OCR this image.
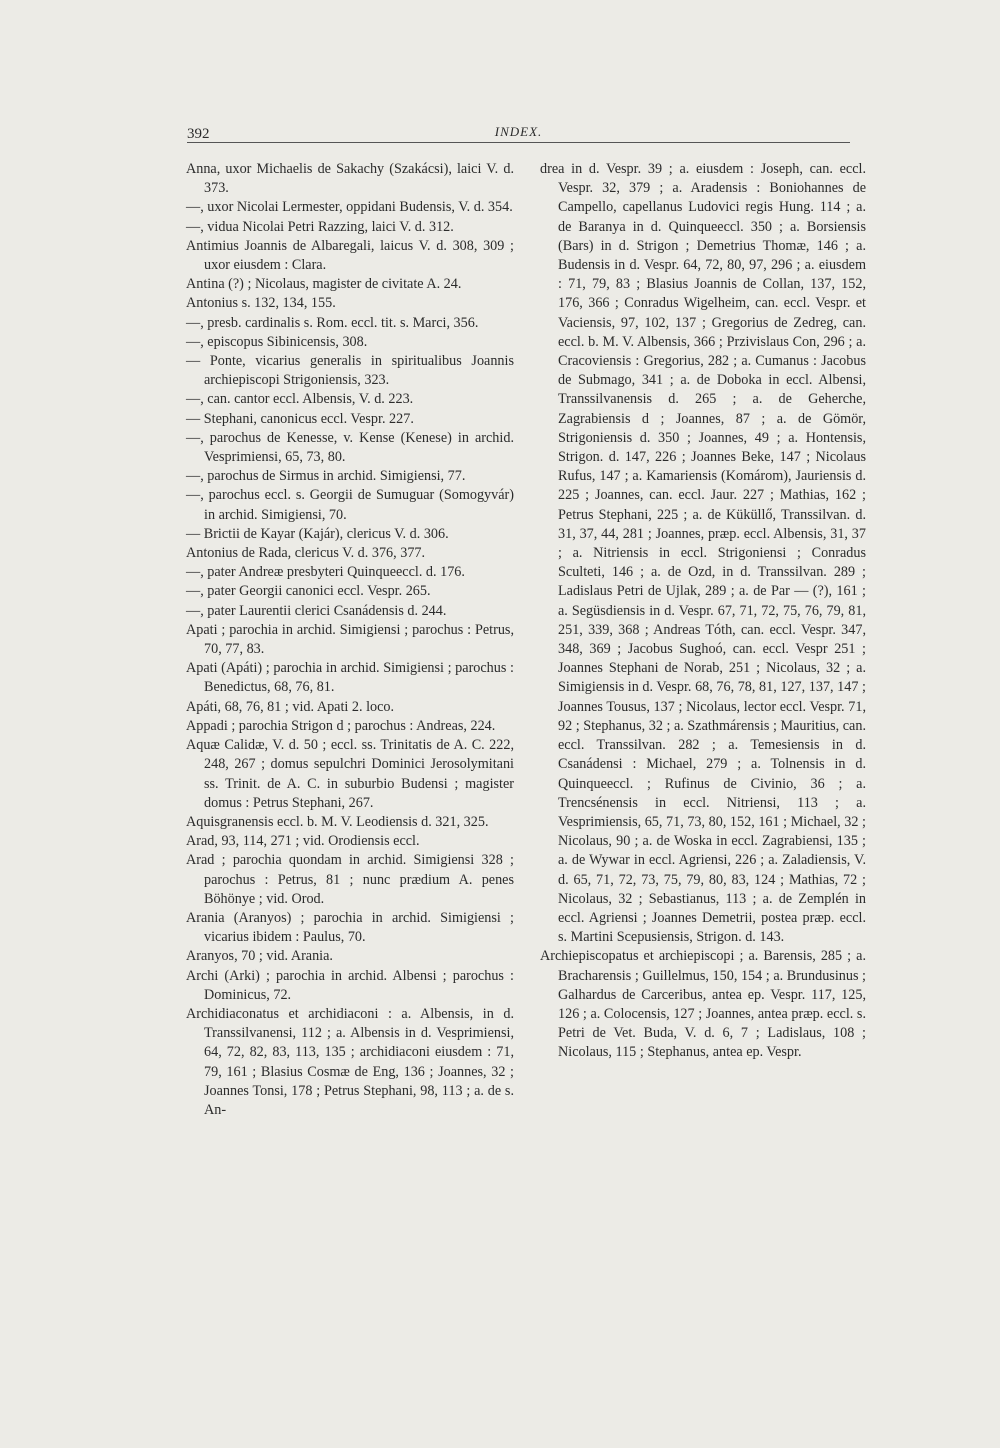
392	INDEX.

Anna, uxor Michaelis de Sakachy (Szakácsi), laici V. d. 373.

—, uxor Nicolai Lermester, oppidani Budensis, V. d. 354.

—, vidua Nicolai Petri Razzing, laici V. d. 312.

Antimius Joannis de Albaregali, laicus V. d. 308, 309 ; uxor eiusdem : Clara.

Antina (?) ; Nicolaus, magister de civitate A. 24.

Antonius s. 132, 134, 155.

—, presb. cardinalis s. Rom. eccl. tit. s. Marci, 356.

—, episcopus Sibinicensis, 308.

— Ponte, vicarius generalis in spiritualibus Joannis archiepiscopi Strigoniensis, 323.

—, can. cantor eccl. Albensis, V. d. 223.

— Stephani, canonicus eccl. Vespr. 227.

—, parochus de Kenesse, v. Kense (Kenese) in archid. Vesprimiensi, 65, 73, 80.

—, parochus de Sirmus in archid. Simigiensi, 77.

—, parochus eccl. s. Georgii de Sumuguar (Somogyvár) in archid. Simigiensi, 70.

— Brictii de Kayar (Kajár), clericus V. d. 306.

Antonius de Rada, clericus V. d. 376, 377.

—, pater Andreæ presbyteri Quinqueeccl. d. 176.

—, pater Georgii canonici eccl. Vespr. 265.

—, pater Laurentii clerici Csanádensis d. 244.

Apati ; parochia in archid. Simigiensi ; parochus : Petrus, 70, 77, 83.

Apati (Apáti) ; parochia in archid. Simigiensi ; parochus : Benedictus, 68, 76, 81.

Apáti, 68, 76, 81 ; vid. Apati 2. loco.

Appadi ; parochia Strigon d ; parochus : Andreas, 224.

Aquæ Calidæ, V. d. 50 ; eccl. ss. Trinitatis de A. C. 222, 248, 267 ; domus sepulchri Dominici Jerosolymitani ss. Trinit. de A. C. in suburbio Budensi ; magister domus : Petrus Stephani, 267.

Aquisgranensis eccl. b. M. V. Leodiensis d. 321, 325.

Arad, 93, 114, 271 ; vid. Orodiensis eccl.

Arad ; parochia quondam in archid. Simigiensi 328 ; parochus : Petrus, 81 ; nunc prædium A. penes Böhönye ; vid. Orod.

Arania (Aranyos) ; parochia in archid. Simigiensi ; vicarius ibidem : Paulus, 70.

Aranyos, 70 ; vid. Arania.

Archi (Arki) ; parochia in archid. Albensi ; parochus : Dominicus, 72.

Archidiaconatus et archidiaconi : a. Albensis, in d. Transsilvanensi, 112 ; a. Albensis in d. Vesprimiensi, 64, 72, 82, 83, 113, 135 ; archidiaconi eiusdem : 71, 79, 161 ; Blasius Cosmæ de Eng, 136 ; Joannes, 32 ; Joannes Tonsi, 178 ; Petrus Stephani, 98, 113 ; a. de s. An-

drea in d. Vespr. 39 ; a. eiusdem : Joseph, can. eccl. Vespr. 32, 379 ; a. Aradensis : Boniohannes de Campello, capellanus Ludovici regis Hung. 114 ; a. de Baranya in d. Quinqueeccl. 350 ; a. Borsiensis (Bars) in d. Strigon ; Demetrius Thomæ, 146 ; a. Budensis in d. Vespr. 64, 72, 80, 97, 296 ; a. eiusdem : 71, 79, 83 ; Blasius Joannis de Collan, 137, 152, 176, 366 ; Conradus Wigelheim, can. eccl. Vespr. et Vaciensis, 97, 102, 137 ; Gregorius de Zedreg, can. eccl. b. M. V. Albensis, 366 ; Przivislaus Con, 296 ; a. Cracoviensis : Gregorius, 282 ; a. Cumanus : Jacobus de Submago, 341 ; a. de Doboka in eccl. Albensi, Transsilvanensis d. 265 ; a. de Geherche, Zagrabiensis d ; Joannes, 87 ; a. de Gömör, Strigoniensis d. 350 ; Joannes, 49 ; a. Hontensis, Strigon. d. 147, 226 ; Joannes Beke, 147 ; Nicolaus Rufus, 147 ; a. Kamariensis (Komárom), Jauriensis d. 225 ; Joannes, can. eccl. Jaur. 227 ; Mathias, 162 ; Petrus Stephani, 225 ; a. de Küküllő, Transsilvan. d. 31, 37, 44, 281 ; Joannes, præp. eccl. Albensis, 31, 37 ; a. Nitriensis in eccl. Strigoniensi ; Conradus Sculteti, 146 ; a. de Ozd, in d. Transsilvan. 289 ; Ladislaus Petri de Ujlak, 289 ; a. de Par — (?), 161 ; a. Següsdiensis in d. Vespr. 67, 71, 72, 75, 76, 79, 81, 251, 339, 368 ; Andreas Tóth, can. eccl. Vespr. 347, 348, 369 ; Jacobus Sughoó, can. eccl. Vespr 251 ; Joannes Stephani de Norab, 251 ; Nicolaus, 32 ; a. Simigiensis in d. Vespr. 68, 76, 78, 81, 127, 137, 147 ; Joannes Tousus, 137 ; Nicolaus, lector eccl. Vespr. 71, 92 ; Stephanus, 32 ; a. Szathmárensis ; Mauritius, can. eccl. Transsilvan. 282 ; a. Temesiensis in d. Csanádensi : Michael, 279 ; a. Tolnensis in d. Quinqueeccl. ; Rufinus de Civinio, 36 ; a. Trencsénensis in eccl. Nitriensi, 113 ; a. Vesprimiensis, 65, 71, 73, 80, 152, 161 ; Michael, 32 ; Nicolaus, 90 ; a. de Woska in eccl. Zagrabiensi, 135 ; a. de Wywar in eccl. Agriensi, 226 ; a. Zaladiensis, V. d. 65, 71, 72, 73, 75, 79, 80, 83, 124 ; Mathias, 72 ; Nicolaus, 32 ; Sebastianus, 113 ; a. de Zemplén in eccl. Agriensi ; Joannes Demetrii, postea præp. eccl. s. Martini Scepusiensis, Strigon. d. 143.

Archiepiscopatus et archiepiscopi ; a. Barensis, 285 ; a. Bracharensis ; Guillelmus, 150, 154 ; a. Brundusinus ; Galhardus de Carceribus, antea ep. Vespr. 117, 125, 126 ; a. Colocensis, 127 ; Joannes, antea præp. eccl. s. Petri de Vet. Buda, V. d. 6, 7 ; Ladislaus, 108 ; Nicolaus, 115 ; Stephanus, antea ep. Vespr.
